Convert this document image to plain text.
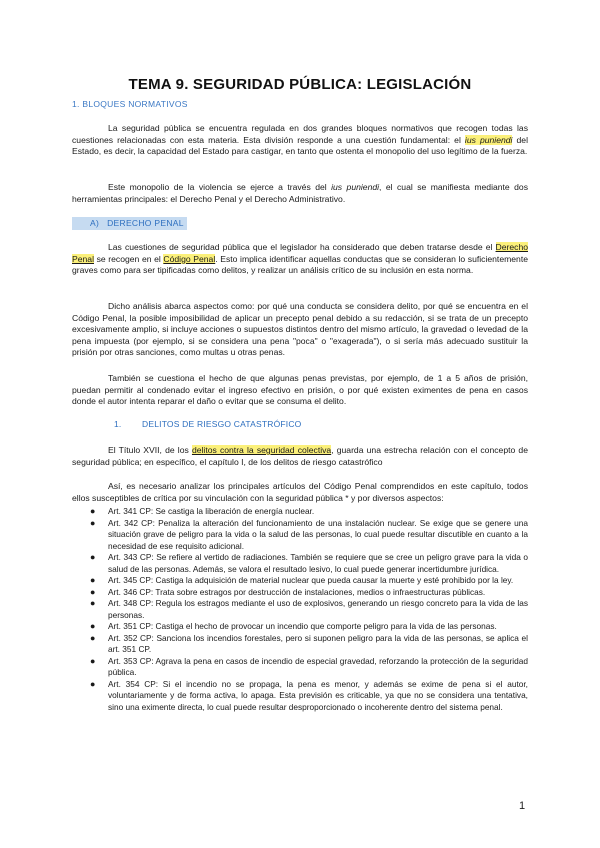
TEMA 9. SEGURIDAD PÚBLICA: LEGISLACIÓN
1. BLOQUES NORMATIVOS

La seguridad pública se encuentra regulada en dos grandes bloques normativos que recogen todas las cuestiones relacionadas con esta materia. Esta división responde a una cuestión fundamental: el ius puniendi del Estado, es decir, la capacidad del Estado para castigar, en tanto que ostenta el monopolio del uso legítimo de la fuerza.

Este monopolio de la violencia se ejerce a través del ius puniendi, el cual se manifiesta mediante dos herramientas principales: el Derecho Penal y el Derecho Administrativo.

A) DERECHO PENAL

Las cuestiones de seguridad pública que el legislador ha considerado que deben tratarse desde el Derecho Penal se recogen en el Código Penal. Esto implica identificar aquellas conductas que se consideran lo suficientemente graves como para ser tipificadas como delitos, y realizar un análisis crítico de su inclusión en esta norma.

Dicho análisis abarca aspectos como: por qué una conducta se considera delito, por qué se encuentra en el Código Penal, la posible imposibilidad de aplicar un precepto penal debido a su redacción, si se trata de un precepto excesivamente amplio, si incluye acciones o supuestos distintos dentro del mismo artículo, la gravedad o levedad de la pena impuesta (por ejemplo, si se considera una pena "poca" o "exagerada"), o si sería más adecuado sustituir la prisión por otras sanciones, como multas u otras penas.

También se cuestiona el hecho de que algunas penas previstas, por ejemplo, de 1 a 5 años de prisión, puedan permitir al condenado evitar el ingreso efectivo en prisión, o por qué existen eximentes de pena en casos donde el autor intenta reparar el daño o evitar que se consuma el delito.

1. DELITOS DE RIESGO CATASTRÓFICO

El Título XVII, de los delitos contra la seguridad colectiva, guarda una estrecha relación con el concepto de seguridad pública; en específico, el capítulo I, de los delitos de riesgo catastrófico

Así, es necesario analizar los principales artículos del Código Penal comprendidos en este capítulo, todos ellos susceptibles de crítica por su vinculación con la seguridad pública * y por diversos aspectos:

● Art. 341 CP: Se castiga la liberación de energía nuclear.
● Art. 342 CP: Penaliza la alteración del funcionamiento de una instalación nuclear. Se exige que se genere una situación grave de peligro para la vida o la salud de las personas, lo cual puede resultar discutible en cuanto a la necesidad de ese requisito adicional.
● Art. 343 CP: Se refiere al vertido de radiaciones. También se requiere que se cree un peligro grave para la vida o salud de las personas. Además, se valora el resultado lesivo, lo cual puede generar incertidumbre jurídica.
● Art. 345 CP: Castiga la adquisición de material nuclear que pueda causar la muerte y esté prohibido por la ley.
● Art. 346 CP: Trata sobre estragos por destrucción de instalaciones, medios o infraestructuras públicas.
● Art. 348 CP: Regula los estragos mediante el uso de explosivos, generando un riesgo concreto para la vida de las personas.
● Art. 351 CP: Castiga el hecho de provocar un incendio que comporte peligro para la vida de las personas.
● Art. 352 CP: Sanciona los incendios forestales, pero si suponen peligro para la vida de las personas, se aplica el art. 351 CP.
● Art. 353 CP: Agrava la pena en casos de incendio de especial gravedad, reforzando la protección de la seguridad pública.
● Art. 354 CP: Si el incendio no se propaga, la pena es menor, y además se exime de pena si el autor, voluntariamente y de forma activa, lo apaga. Esta previsión es criticable, ya que no se considera una tentativa, sino una eximente directa, lo cual puede resultar desproporcionado o incoherente dentro del sistema penal.
1
